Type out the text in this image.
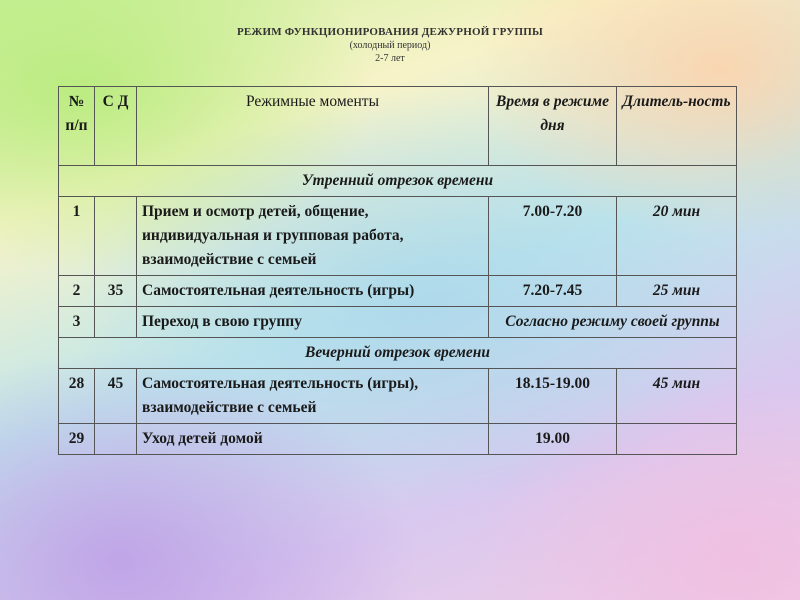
РЕЖИМ ФУНКЦИОНИРОВАНИЯ ДЕЖУРНОЙ ГРУППЫ
(холодный период)
2-7 лет
№ п/п	С Д	Режимные моменты	Время в режиме дня	Длитель-ность
Утренний отрезок времени				
1		Прием и осмотр детей, общение, индивидуальная и групповая работа, взаимодействие с семьей	7.00-7.20	20 мин
2	35	Самостоятельная деятельность (игры)	7.20-7.45	25 мин
3		Переход в свою группу	Согласно режиму своей группы	
Вечерний отрезок времени				
28	45	Самостоятельная деятельность (игры), взаимодействие с семьей	18.15-19.00	45 мин
29		Уход детей домой	19.00	
